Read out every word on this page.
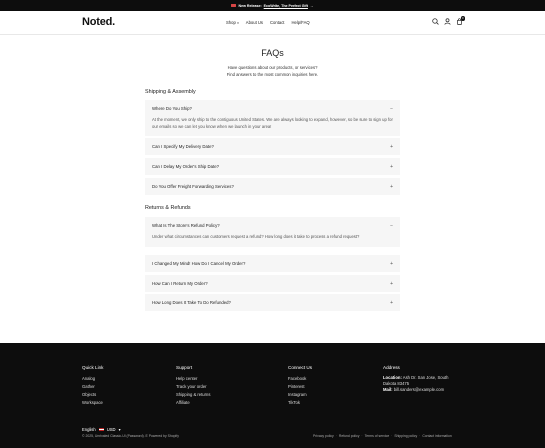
New Release: EcoWrite, The Perfect Gift →
Noted.	Shop ▾ About Us Contact Help/FAQ
0
FAQs
Have questions about our products, or services?
Find answers to the most common inquiries here.
Shipping & Assembly
Where Do You Ship?	−
At the moment, we only ship to the contiguous United States. We are always looking to expand, however, so be sure to sign up for our emails so we can let you know when we launch in your area!
Can I Specify My Delivery Date?	+
Can I Delay My Order's Ship Date?	+
Do You Offer Freight Forwarding Services?	+
Returns & Refunds
What Is The Store's Refund Policy?	−
Under what circumstances can customers request a refund? How long does it take to process a refund request?
I Changed My Mind! How Do I Cancel My Order?	+
How Can I Return My Order?	+
How Long Does It Take To Do Refunded?	+
Quick Link
Analog
Gather
Objects
Workspace
Support
Help center
Track your order
Shipping & returns
Affiliate
Connect Us
Facebook
Pinterest
Instagram
TikTok
Address
Location: Ash Dr. San Jose, South
Dakota 83475
Mail: bill.sanders@example.com
English	USD ▾
© 2025, Unrivaled Classic-UI (Password). E Powered by Shopify	Privacy policy · Refund policy · Terms of service · Shipping policy · Contact information
